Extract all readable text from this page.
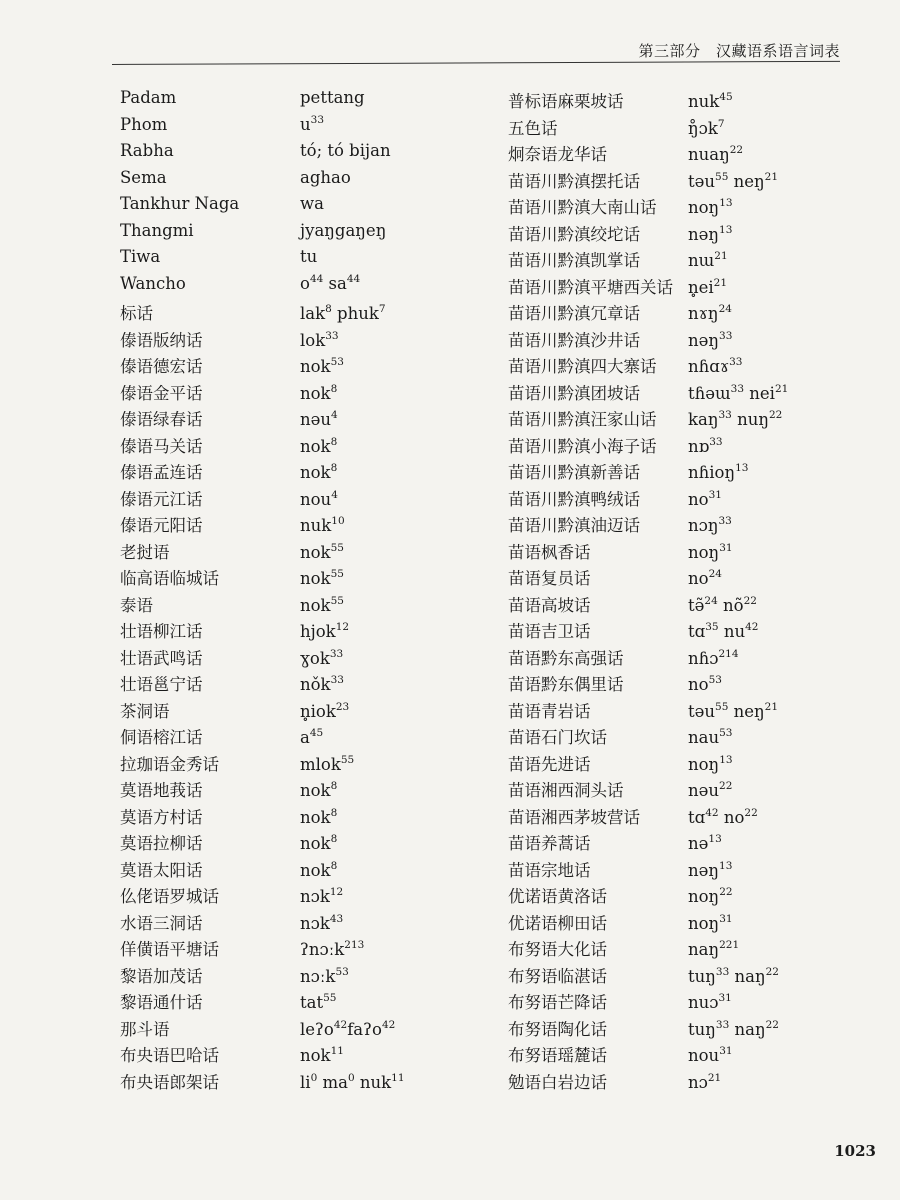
第三部分　汉藏语系语言词表
Padam	pettang
Phom	$u^{33}$
Rabha	tó; tó bijan
Sema	aghao
Tankhur Naga	wa
Thangmi	jyaŋgaŋeŋ
Tiwa	tu
Wancho	$o^{44}$ $sa^{44}$
标话	lak$^8$ phuk$^7$
傣语版纳话	lok$^{33}$
傣语德宏话	nok$^{53}$
傣语金平话	nok$^8$
傣语绿春话	nəu$^4$
傣语马关话	nok$^8$
傣语孟连话	nok$^8$
傣语元江话	nou$^4$
傣语元阳话	nuk$^{10}$
老挝语	nok$^{55}$
临高语临城话	nok$^{55}$
泰语	nok$^{55}$
壮语柳江话	hjok$^{12}$
壮语武鸣话	ɣok$^{33}$
壮语邕宁话	nǒk$^{33}$
茶洞语	n̥iok$^{23}$
侗语榕江话	$a^{45}$
拉珈语金秀话	mlok$^{55}$
莫语地莪话	nok$^8$
莫语方村话	nok$^8$
莫语拉柳话	nok$^8$
莫语太阳话	nok$^8$
仫佬语罗城话	nɔk$^{12}$
水语三洞话	nɔk$^{43}$
佯僙语平塘话	ʔnɔːk$^{213}$
黎语加茂话	nɔːk$^{53}$
黎语通什话	tat$^{55}$
那斗语	leʔo$^{42}$faʔo$^{42}$
布央语巴哈话	nok$^{11}$
布央语郎架话	$li^0$ $ma^0$ nuk$^{11}$
普标语麻栗坡话	nuk$^{45}$
五色话	ŋ̊ɔk$^7$
炯奈语龙华话	nuaŋ$^{22}$
苗语川黔滇摆托话	təu$^{55}$ neŋ$^{21}$
苗语川黔滇大南山话	noŋ$^{13}$
苗语川黔滇绞坨话	nəŋ$^{13}$
苗语川黔滇凯掌话	nɯ$^{21}$
苗语川黔滇平塘西关话 $n̥ei^{21}$
苗语川黔滇冗章话	nɤŋ$^{24}$
苗语川黔滇沙井话	nəŋ$^{33}$
苗语川黔滇四大寨话	nɦɑɤ$^{33}$
苗语川黔滇团坡话	tɦəɯ$^{33}$ nei$^{21}$
苗语川黔滇汪家山话	kaŋ$^{33}$ nuŋ$^{22}$
苗语川黔滇小海子话	nɒ$^{33}$
苗语川黔滇新善话	nɦioŋ$^{13}$
苗语川黔滇鸭绒话	$no^{31}$
苗语川黔滇油迈话	nɔŋ$^{33}$
苗语枫香话	noŋ$^{31}$
苗语复员话	$no^{24}$
苗语高坡话	tə̃$^{24}$ $nõ^{22}$
苗语吉卫话	tɑ$^{35}$ $nu^{42}$
苗语黔东高强话	nɦɔ$^{214}$
苗语黔东偶里话	$no^{53}$
苗语青岩话	təu$^{55}$ neŋ$^{21}$
苗语石门坎话	nau$^{53}$
苗语先进话	noŋ$^{13}$
苗语湘西洞头话	nəu$^{22}$
苗语湘西茅坡营话	tɑ$^{42}$ $no^{22}$
苗语养蒿话	nə$^{13}$
苗语宗地话	nəŋ$^{13}$
优诺语黄洛话	noŋ$^{22}$
优诺语柳田话	noŋ$^{31}$
布努语大化话	naŋ$^{221}$
布努语临湛话	tuŋ$^{33}$ naŋ$^{22}$
布努语芒降话	nuɔ$^{31}$
布努语陶化话	tuŋ$^{33}$ naŋ$^{22}$
布努语瑶麓话	nou$^{31}$
勉语白岩边话	nɔ$^{21}$
1023
